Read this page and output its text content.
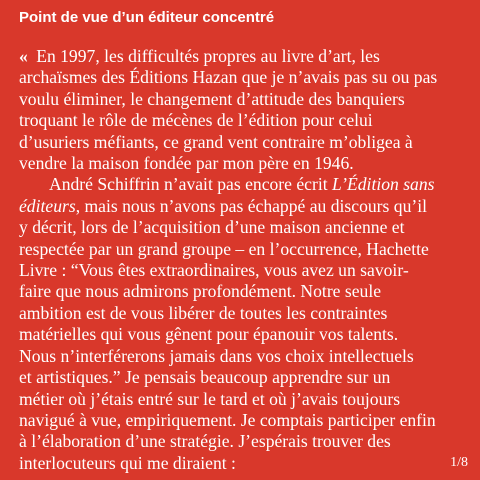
Point de vue d’un éditeur concentré
« En 1997, les difficultés propres au livre d’art, les
archaïsmes des Éditions Hazan que je n’avais pas su ou pas
voulu éliminer, le changement d’attitude des banquiers
troquant le rôle de mécènes de l’édition pour celui
d’usuriers méfiants, ce grand vent contraire m’obligea à
vendre la maison fondée par mon père en 1946.
André Schiffrin n’avait pas encore écrit L’Édition sans
éditeurs, mais nous n’avons pas échappé au discours qu’il
y décrit, lors de l’acquisition d’une maison ancienne et
respectée par un grand groupe – en l’occurrence, Hachette
Livre : “Vous êtes extraordinaires, vous avez un savoir-
faire que nous admirons profondément. Notre seule
ambition est de vous libérer de toutes les contraintes
matérielles qui vous gênent pour épanouir vos talents.
Nous n’interférerons jamais dans vos choix intellectuels
et artistiques.” Je pensais beaucoup apprendre sur un
métier où j’étais entré sur le tard et où j’avais toujours
navigué à vue, empiriquement. Je comptais participer enfin
à l’élaboration d’une stratégie. J’espérais trouver des
interlocuteurs qui me diraient :	1/8
